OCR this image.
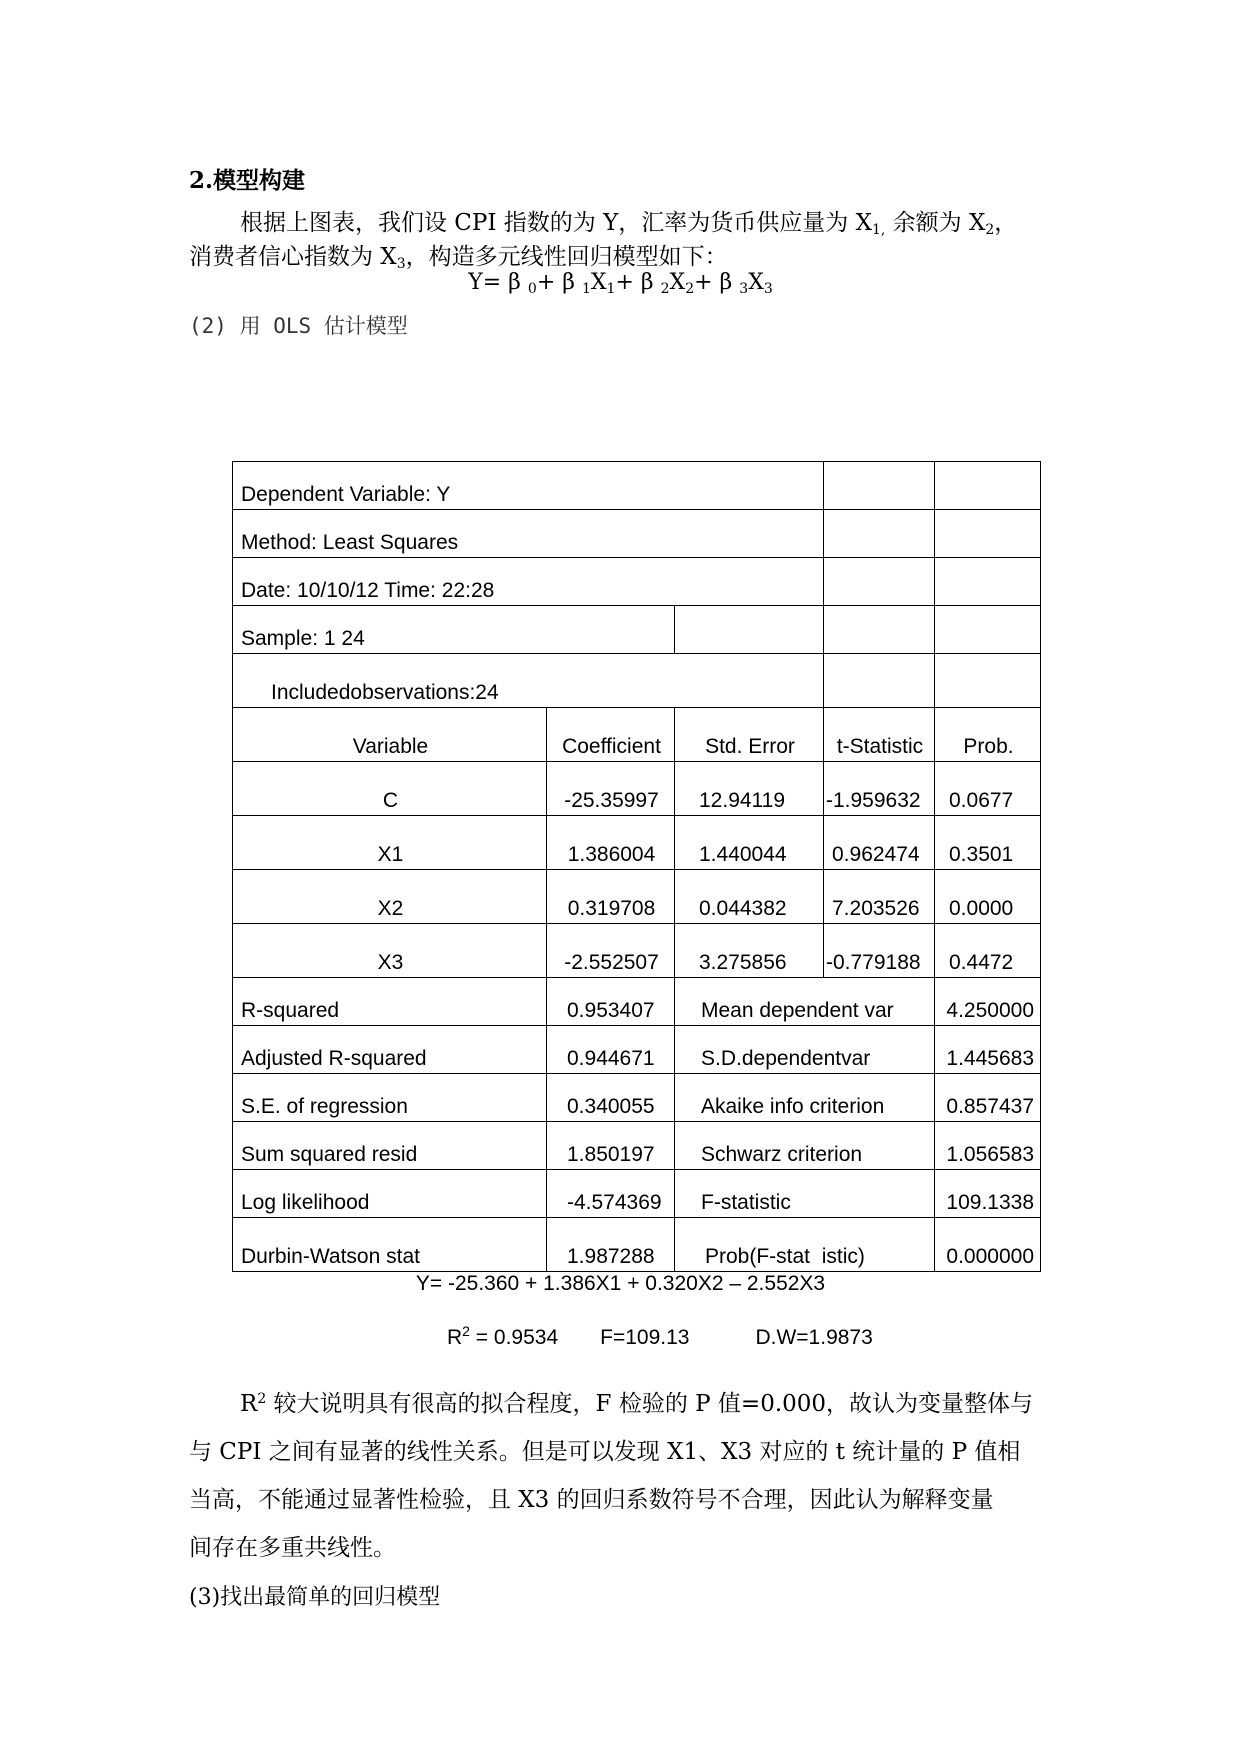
2.模型构建
根据上图表，我们设 CPI 指数的为 Y，汇率为货币供应量为 $X_{1,}$ 余额为 $X_2$，
消费者信心指数为 $X_3$，构造多元线性回归模型如下：
Y= β $_0$+ β $_1X_1+ \beta$ $_2X_2+ \beta$ $_3X_3$
(2) 用 OLS 估计模型
Dependent Variable: Y				
Method: Least Squares				
Date: 10/10/12 Time: 22:28				
Sample: 1 24				
Includedobservations:24				
Variable	Coefficient	Std. Error	t-Statistic	Prob.
C	-25.35997	12.94119	-1.959632	0.0677
X1	1.386004	1.440044	0.962474	0.3501
X2	0.319708	0.044382	7.203526	0.0000
X3	-2.552507	3.275856	-0.779188	0.4472
R-squared	0.953407	Mean dependent var		4.250000
Adjusted R-squared	0.944671	S.D.dependentvar		1.445683
S.E. of regression	0.340055	Akaike info criterion		0.857437
Sum squared resid	1.850197	Schwarz criterion		1.056583
Log likelihood	-4.574369	F-statistic		109.1338
Durbin-Watson stat	1.987288	Prob(F-stat  istic)		0.000000
Y= -25.360 + 1.386X1 + 0.320X2 – 2.552X3
$R^2 = 0.9534$ F=109.13	D.W=1.9873
$R^2$ 较大说明具有很高的拟合程度，F 检验的 P 值=0.000，故认为变量整体与
与 CPI 之间有显著的线性关系。但是可以发现 X1、X3 对应的 t 统计量的 P 值相
当高，不能通过显著性检验，且 X3 的回归系数符号不合理，因此认为解释变量
间存在多重共线性。
(3)找出最简单的回归模型
